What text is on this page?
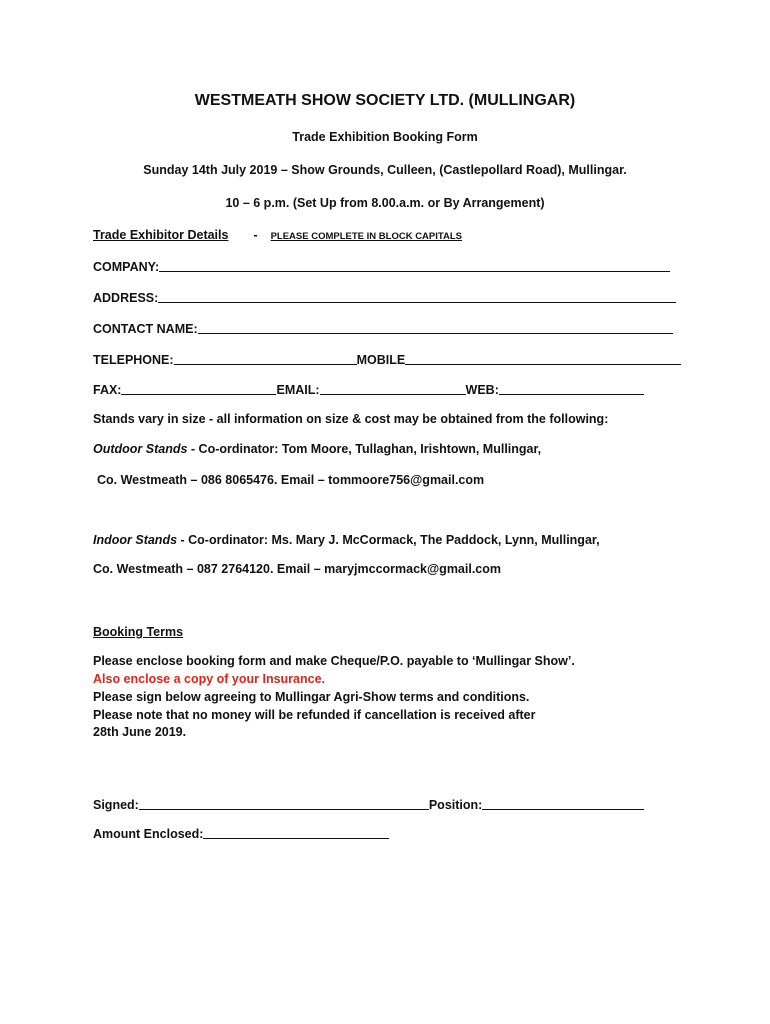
WESTMEATH SHOW SOCIETY LTD. (MULLINGAR)
Trade Exhibition Booking Form
Sunday 14th July 2019 – Show Grounds, Culleen, (Castlepollard Road), Mullingar.
10 – 6 p.m. (Set Up from 8.00.a.m. or By Arrangement)
Trade Exhibitor Details - PLEASE COMPLETE IN BLOCK CAPITALS
COMPANY:
ADDRESS:
CONTACT NAME:
TELEPHONE:	MOBILE
FAX:	EMAIL:	WEB:
Stands vary in size - all information on size & cost may be obtained from the following:
Outdoor Stands - Co-ordinator: Tom Moore, Tullaghan, Irishtown, Mullingar,
Co. Westmeath – 086 8065476. Email – tommoore756@gmail.com
Indoor Stands - Co-ordinator: Ms. Mary J. McCormack, The Paddock, Lynn, Mullingar,
Co. Westmeath – 087 2764120. Email – maryjmccormack@gmail.com
Booking Terms
Please enclose booking form and make Cheque/P.O. payable to ‘Mullingar Show’.
Also enclose a copy of your Insurance.
Please sign below agreeing to Mullingar Agri-Show terms and conditions.
Please note that no money will be refunded if cancellation is received after
28th June 2019.
Signed:	Position:
Amount Enclosed:
